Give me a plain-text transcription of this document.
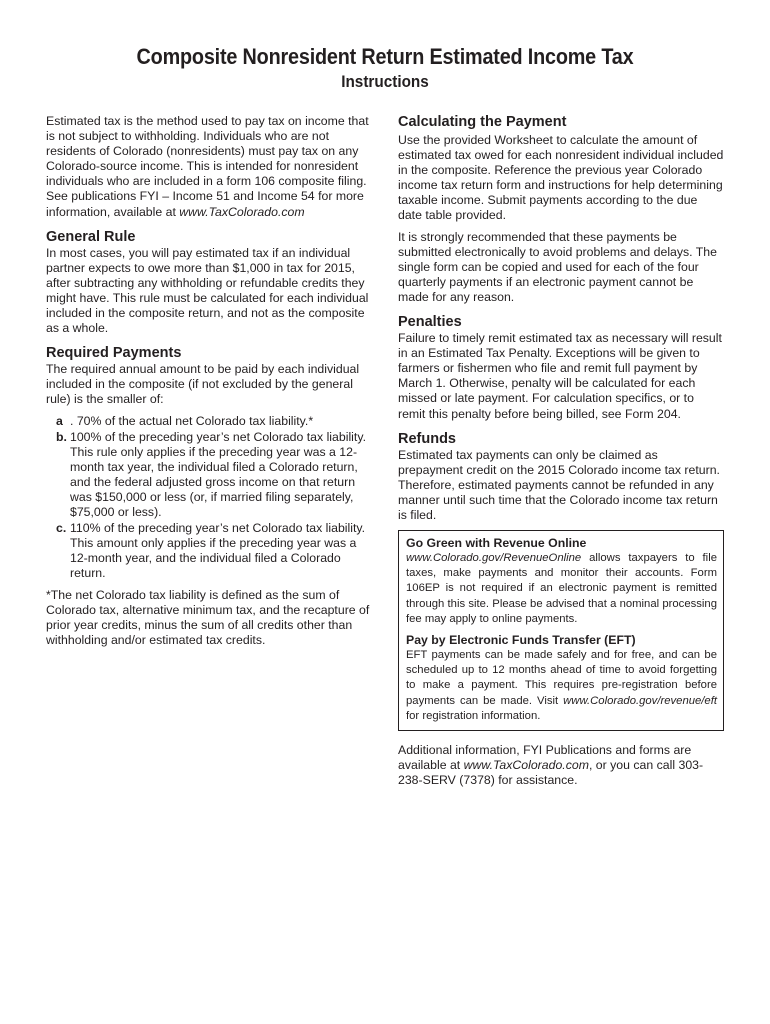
Composite Nonresident Return Estimated Income Tax
Instructions

Estimated tax is the method used to pay tax on income that is not subject to withholding. Individuals who are not residents of Colorado (nonresidents) must pay tax on any Colorado-source income. This is intended for nonresident individuals who are included in a form 106 composite filing. See publications FYI – Income 51 and Income 54 for more information, available at www.TaxColorado.com

General Rule

In most cases, you will pay estimated tax if an individual partner expects to owe more than $1,000 in tax for 2015, after subtracting any withholding or refundable credits they might have. This rule must be calculated for each individual included in the composite return, and not as the composite as a whole.

Required Payments

The required annual amount to be paid by each individual included in the composite (if not excluded by the general rule) is the smaller of:

a . 70% of the actual net Colorado tax liability.*
b. 100% of the preceding year’s net Colorado tax liability. This rule only applies if the preceding year was a 12-month tax year, the individual filed a Colorado return, and the federal adjusted gross income on that return was $150,000 or less (or, if married filing separately, $75,000 or less).
c. 110% of the preceding year’s net Colorado tax liability. This amount only applies if the preceding year was a 12-month year, and the individual filed a Colorado return.

*The net Colorado tax liability is defined as the sum of Colorado tax, alternative minimum tax, and the recapture of prior year credits, minus the sum of all credits other than withholding and/or estimated tax credits.

Calculating the Payment

Use the provided Worksheet to calculate the amount of estimated tax owed for each nonresident individual included in the composite. Reference the previous year Colorado income tax return form and instructions for help determining taxable income. Submit payments according to the due date table provided.

It is strongly recommended that these payments be submitted electronically to avoid problems and delays. The single form can be copied and used for each of the four quarterly payments if an electronic payment cannot be made for any reason.

Penalties

Failure to timely remit estimated tax as necessary will result in an Estimated Tax Penalty. Exceptions will be given to farmers or fishermen who file and remit full payment by March 1. Otherwise, penalty will be calculated for each missed or late payment. For calculation specifics, or to remit this penalty before being billed, see Form 204.

Refunds

Estimated tax payments can only be claimed as prepayment credit on the 2015 Colorado income tax return. Therefore, estimated payments cannot be refunded in any manner until such time that the Colorado income tax return is filed.

Go Green with Revenue Online

www.Colorado.gov/RevenueOnline allows taxpayers to file taxes, make payments and monitor their accounts. Form 106EP is not required if an electronic payment is remitted through this site. Please be advised that a nominal processing fee may apply to online payments.

Pay by Electronic Funds Transfer (EFT)

EFT payments can be made safely and for free, and can be scheduled up to 12 months ahead of time to avoid forgetting to make a payment. This requires pre-registration before payments can be made. Visit www.Colorado.gov/revenue/eft for registration information.

Additional information, FYI Publications and forms are available at www.TaxColorado.com, or you can call 303-238-SERV (7378) for assistance.
